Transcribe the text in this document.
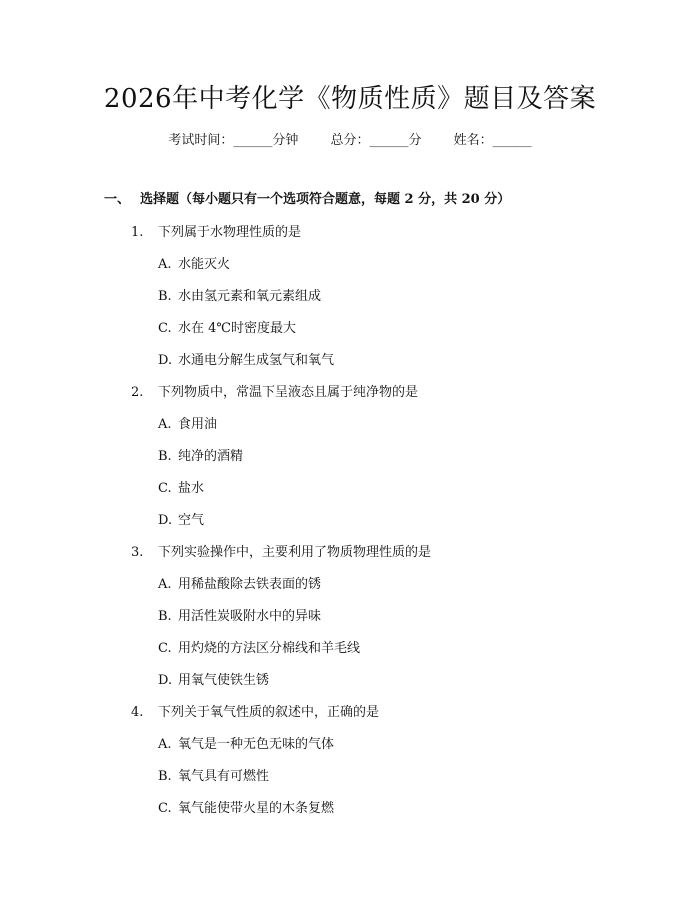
2026年中考化学《物质性质》题目及答案
考试时间：______分钟 总分：______分 姓名：______
一、 选择题（每小题只有一个选项符合题意，每题 2 分，共 20 分）
1. 下列属于水物理性质的是
A. 水能灭火
B. 水由氢元素和氧元素组成
C. 水在 4℃时密度最大
D. 水通电分解生成氢气和氧气
2. 下列物质中，常温下呈液态且属于纯净物的是
A. 食用油
B. 纯净的酒精
C. 盐水
D. 空气
3. 下列实验操作中，主要利用了物质物理性质的是
A. 用稀盐酸除去铁表面的锈
B. 用活性炭吸附水中的异味
C. 用灼烧的方法区分棉线和羊毛线
D. 用氧气使铁生锈
4. 下列关于氧气性质的叙述中，正确的是
A. 氧气是一种无色无味的气体
B. 氧气具有可燃性
C. 氧气能使带火星的木条复燃
